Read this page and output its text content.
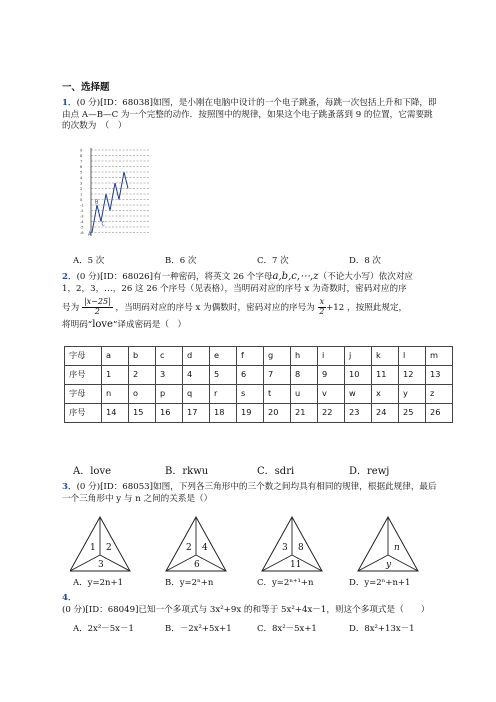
一、选择题
1．(0 分)[ID：68038]如图，是小刚在电脑中设计的一个电子跳蚤，每跳一次包括上升和下降，即由点 A—B—C 为一个完整的动作．按照图中的规律，如果这个电子跳蚤落到 9 的位置，它需要跳的次数为　（　）
9
8
7
6
5
4
3
2
1
0
-1
-2
-3
-4
-5
-6 A
B
C
A．5 次	B．6 次	C．7 次	D．8 次
2．(0 分)[ID：68026]有一种密码，将英文 26 个字母a,b,c,⋯,z（不论大小写）依次对应
1，2，3，…，26 这 26 个序号（见表格），当明码对应的序号 x 为奇数时，密码对应的序
号为 $\frac{|x-25|}{2}$ ，当明码对应的序号 x 为偶数时，密码对应的序号为 $\frac{x}{2} +12$ ，按照此规定，
将明码“love”译成密码是（　）
字母	a	b	c	d	e	f	g	h	i	j	k	l	m
序号	1	2	3	4	5	6	7	8	9	10	11	12	13
字母	n	o	p	q	r	s	t	u	v	w	x	y	z
序号	14	15	16	17	18	19	20	21	22	23	24	25	26
A．love	B．rkwu	C．sdri	D．rewj
3．(0 分)[ID：68053]如图，下列各三角形中的三个数之间均具有相同的规律，根据此规律，最后一个三角形中 y 与 n 之间的关系是（）
1 2
3
2 4
6
3 8
11
n
y
A．y=2n+1	B．y=2ⁿ+n	C．y=2ⁿ⁺¹+n	D．y=2ⁿ+n+1
4．(0 分)[ID：68049]已知一个多项式与 3x²+9x 的和等于 5x²+4x－1，则这个多项式是（　　）
A．2x²－5x－1	B．－2x²+5x+1	C．8x²－5x+1	D．8x²+13x－1
